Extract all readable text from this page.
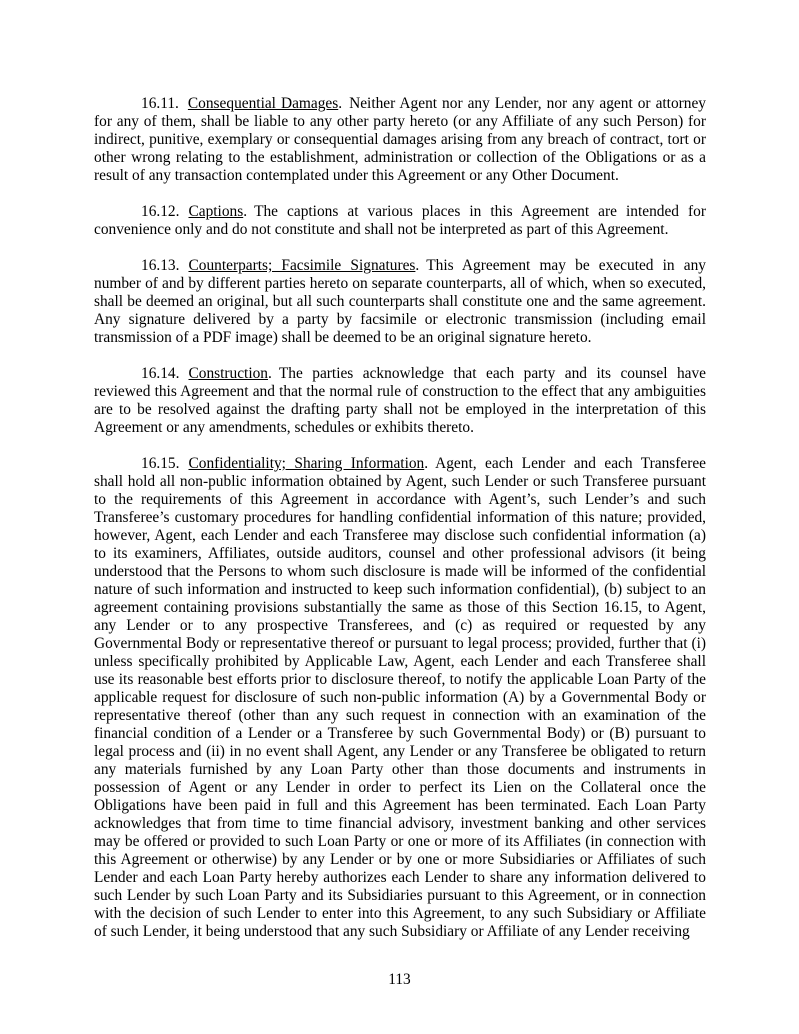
16.11. Consequential Damages. Neither Agent nor any Lender, nor any agent or attorney for any of them, shall be liable to any other party hereto (or any Affiliate of any such Person) for indirect, punitive, exemplary or consequential damages arising from any breach of contract, tort or other wrong relating to the establishment, administration or collection of the Obligations or as a result of any transaction contemplated under this Agreement or any Other Document.

16.12. Captions. The captions at various places in this Agreement are intended for convenience only and do not constitute and shall not be interpreted as part of this Agreement.

16.13. Counterparts; Facsimile Signatures. This Agreement may be executed in any number of and by different parties hereto on separate counterparts, all of which, when so executed, shall be deemed an original, but all such counterparts shall constitute one and the same agreement. Any signature delivered by a party by facsimile or electronic transmission (including email transmission of a PDF image) shall be deemed to be an original signature hereto.

16.14. Construction. The parties acknowledge that each party and its counsel have reviewed this Agreement and that the normal rule of construction to the effect that any ambiguities are to be resolved against the drafting party shall not be employed in the interpretation of this Agreement or any amendments, schedules or exhibits thereto.

16.15. Confidentiality; Sharing Information. Agent, each Lender and each Transferee shall hold all non-public information obtained by Agent, such Lender or such Transferee pursuant to the requirements of this Agreement in accordance with Agent’s, such Lender’s and such Transferee’s customary procedures for handling confidential information of this nature; provided, however, Agent, each Lender and each Transferee may disclose such confidential information (a) to its examiners, Affiliates, outside auditors, counsel and other professional advisors (it being understood that the Persons to whom such disclosure is made will be informed of the confidential nature of such information and instructed to keep such information confidential), (b) subject to an agreement containing provisions substantially the same as those of this Section 16.15, to Agent, any Lender or to any prospective Transferees, and (c) as required or requested by any Governmental Body or representative thereof or pursuant to legal process; provided, further that (i) unless specifically prohibited by Applicable Law, Agent, each Lender and each Transferee shall use its reasonable best efforts prior to disclosure thereof, to notify the applicable Loan Party of the applicable request for disclosure of such non-public information (A) by a Governmental Body or representative thereof (other than any such request in connection with an examination of the financial condition of a Lender or a Transferee by such Governmental Body) or (B) pursuant to legal process and (ii) in no event shall Agent, any Lender or any Transferee be obligated to return any materials furnished by any Loan Party other than those documents and instruments in possession of Agent or any Lender in order to perfect its Lien on the Collateral once the Obligations have been paid in full and this Agreement has been terminated. Each Loan Party acknowledges that from time to time financial advisory, investment banking and other services may be offered or provided to such Loan Party or one or more of its Affiliates (in connection with this Agreement or otherwise) by any Lender or by one or more Subsidiaries or Affiliates of such Lender and each Loan Party hereby authorizes each Lender to share any information delivered to such Lender by such Loan Party and its Subsidiaries pursuant to this Agreement, or in connection with the decision of such Lender to enter into this Agreement, to any such Subsidiary or Affiliate of such Lender, it being understood that any such Subsidiary or Affiliate of any Lender receiving

113
